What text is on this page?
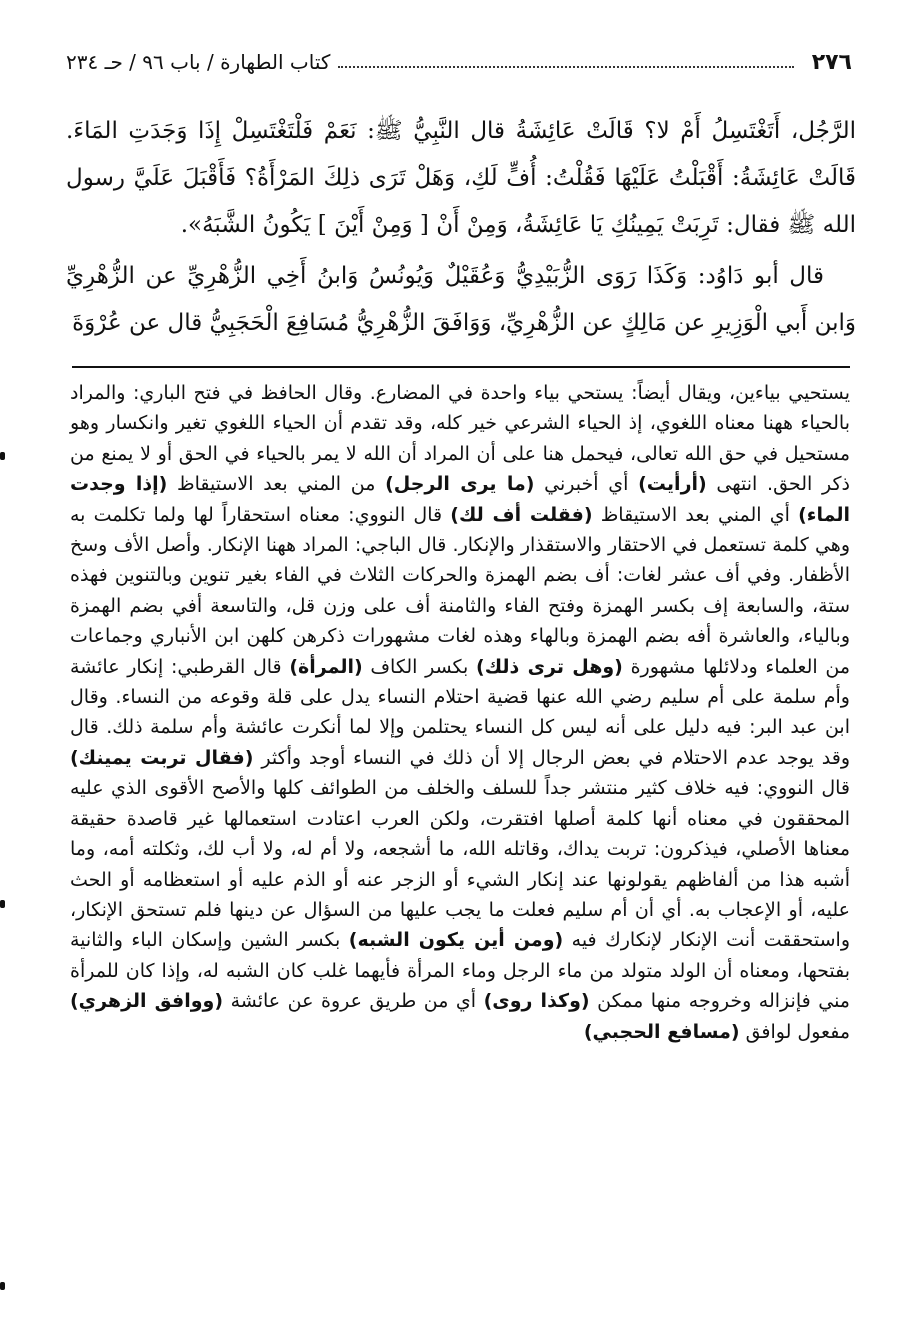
٢٧٦
كتاب الطهارة / باب ٩٦ / حـ ٢٣٤

الرَّجُل، أَتَغْتَسِلُ أَمْ لا؟ قَالَتْ عَائِشَةُ قال النَّبِيُّ ﷺ: نَعَمْ فَلْتَغْتَسِلْ إِذَا وَجَدَتِ المَاءَ. قَالَتْ عَائِشَةُ: أَقْبَلْتُ عَلَيْهَا فَقُلْتُ: أُفٍّ لَكِ، وَهَلْ تَرَى ذلِكَ المَرْأَةُ؟ فَأَقْبَلَ عَلَيَّ رسول الله ﷺ فقال: تَرِبَتْ يَمِينُكِ يَا عَائِشَةُ، وَمِنْ أَنْ [ وَمِنْ أَيْنَ ] يَكُونُ الشَّبَهُ».

قال أبو دَاوُد: وَكَذَا رَوَى الزُّبَيْدِيُّ وَعُقَيْلٌ وَيُونُسُ وَابنُ أَخِي الزُّهْرِيِّ عن الزُّهْرِيِّ وَابن أَبي الْوَزِيرِ عن مَالِكٍ عن الزُّهْرِيِّ، وَوَافَقَ الزُّهْرِيُّ مُسَافِعَ الْحَجَبِيُّ قال عن عُرْوَةَ

يستحيي بياءين، ويقال أيضاً: يستحي بياء واحدة في المضارع. وقال الحافظ في فتح الباري: والمراد بالحياء ههنا معناه اللغوي، إذ الحياء الشرعي خير كله، وقد تقدم أن الحياء اللغوي تغير وانكسار وهو مستحيل في حق الله تعالى، فيحمل هنا على أن المراد أن الله لا يمر بالحياء في الحق أو لا يمنع من ذكر الحق. انتهى (أرأيت) أي أخبرني (ما يرى الرجل) من المني بعد الاستيقاظ (إذا وجدت الماء) أي المني بعد الاستيقاظ (فقلت أف لك) قال النووي: معناه استحقاراً لها ولما تكلمت به وهي كلمة تستعمل في الاحتقار والاستقذار والإنكار. قال الباجي: المراد ههنا الإنكار. وأصل الأف وسخ الأظفار. وفي أف عشر لغات: أف بضم الهمزة والحركات الثلاث في الفاء بغير تنوين وبالتنوين فهذه ستة، والسابعة إف بكسر الهمزة وفتح الفاء والثامنة أف على وزن قل، والتاسعة أفي بضم الهمزة وبالياء، والعاشرة أفه بضم الهمزة وبالهاء وهذه لغات مشهورات ذكرهن كلهن ابن الأنباري وجماعات من العلماء ودلائلها مشهورة (وهل ترى ذلك) بكسر الكاف (المرأة) قال القرطبي: إنكار عائشة وأم سلمة على أم سليم رضي الله عنها قضية احتلام النساء يدل على قلة وقوعه من النساء. وقال ابن عبد البر: فيه دليل على أنه ليس كل النساء يحتلمن وإلا لما أنكرت عائشة وأم سلمة ذلك. قال وقد يوجد عدم الاحتلام في بعض الرجال إلا أن ذلك في النساء أوجد وأكثر (فقال تربت يمينك) قال النووي: فيه خلاف كثير منتشر جداً للسلف والخلف من الطوائف كلها والأصح الأقوى الذي عليه المحققون في معناه أنها كلمة أصلها افتقرت، ولكن العرب اعتادت استعمالها غير قاصدة حقيقة معناها الأصلي، فيذكرون: تربت يداك، وقاتله الله، ما أشجعه، ولا أم له، ولا أب لك، وثكلته أمه، وما أشبه هذا من ألفاظهم يقولونها عند إنكار الشيء أو الزجر عنه أو الذم عليه أو استعظامه أو الحث عليه، أو الإعجاب به. أي أن أم سليم فعلت ما يجب عليها من السؤال عن دينها فلم تستحق الإنكار، واستحققت أنت الإنكار لإنكارك فيه (ومن أين يكون الشبه) بكسر الشين وإسكان الباء والثانية بفتحها، ومعناه أن الولد متولد من ماء الرجل وماء المرأة فأيهما غلب كان الشبه له، وإذا كان للمرأة مني فإنزاله وخروجه منها ممكن (وكذا روى) أي من طريق عروة عن عائشة (ووافق الزهري) مفعول لوافق (مسافع الحجبي)
